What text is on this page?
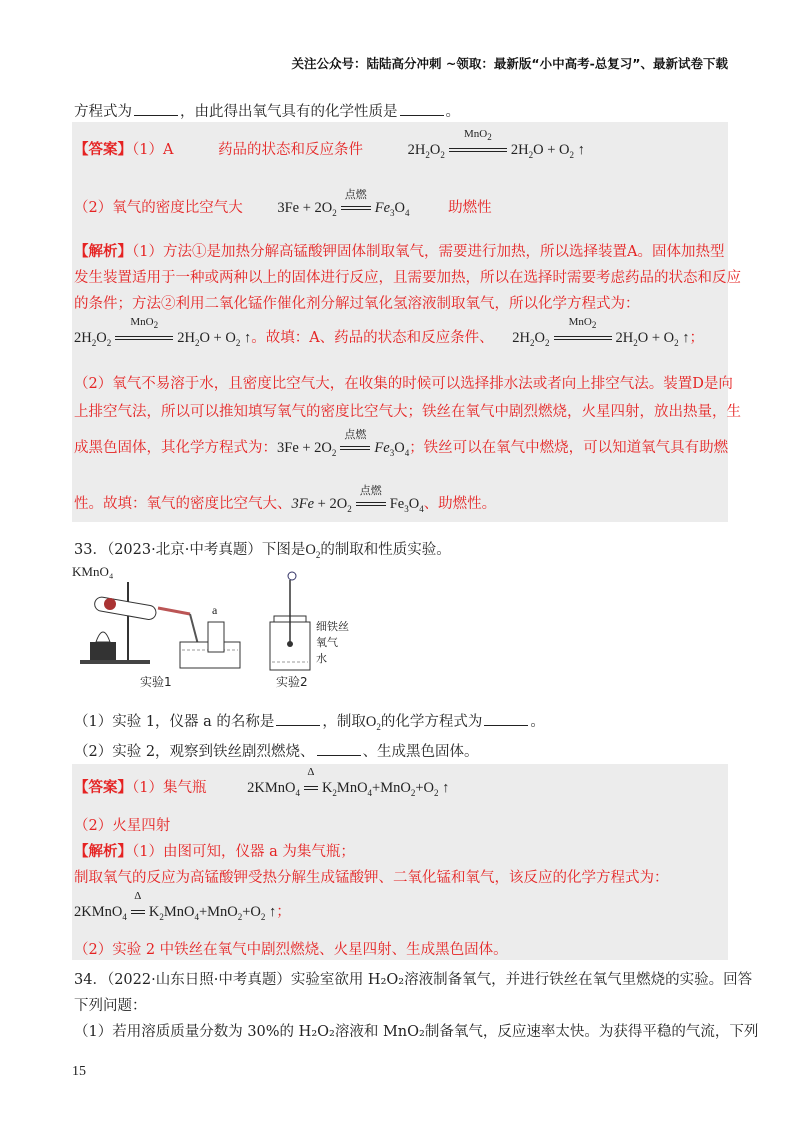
关注公众号：陆陆高分冲刺 ~领取：最新版“小中高考-总复习”、最新试卷下载
方程式为	，由此得出氧气具有的化学性质是	。
【答案】（1）A	药品的状态和反应条件	$2H_2O_2$
MnO$_2$
$2H_2O + O_2$ ↑
（2）氧气的密度比空气大 $3Fe + 2O_2$
点燃
$Fe_3O_4$	助燃性
【解析】（1）方法①是加热分解高锰酸钾固体制取氧气，需要进行加热，所以选择装置A。固体加热型
发生装置适用于一种或两种以上的固体进行反应，且需要加热，所以在选择时需要考虑药品的状态和反应
的条件；方法②利用二氧化锰作催化剂分解过氧化氢溶液制取氧气，所以化学方程式为：
$2H_2O_2$
MnO$_2$
$2H_2O + O_2$ ↑。故填：A、药品的状态和反应条件、 $2H_2O_2$
MnO$_2$
$2H_2O + O_2$ ↑；
（2）氧气不易溶于水，且密度比空气大，在收集的时候可以选择排水法或者向上排空气法。装置D是向
上排空气法，所以可以推知填写氧气的密度比空气大；铁丝在氧气中剧烈燃烧，火星四射，放出热量，生
成黑色固体，其化学方程式为：$3Fe + 2O_2$
点燃
$Fe_3O_4$；铁丝可以在氧气中燃烧，可以知道氧气具有助燃
性。故填：氧气的密度比空气大、$3Fe + 2O_2$
点燃
$Fe_3O_4$、助燃性。
33．（2023·北京·中考真题）下图是$O_2$的制取和性质实验。
KMnO₄
a
实验1
细铁丝
氧气
水
实验2
（1）实验 1，仪器 a 的名称是	，制取$O_2$的化学方程式为	。
（2）实验 2，观察到铁丝剧烈燃烧、	、生成黑色固体。
【答案】（1）集气瓶	2KMnO$_4$
Δ
$K_2MnO_4+MnO_2+O_2$ ↑
（2）火星四射
【解析】（1）由图可知，仪器 a 为集气瓶；
制取氧气的反应为高锰酸钾受热分解生成锰酸钾、二氧化锰和氧气，该反应的化学方程式为：
2KMnO$_4$
Δ
$K_2MnO_4+MnO_2+O_2$ ↑；
（2）实验 2 中铁丝在氧气中剧烈燃烧、火星四射、生成黑色固体。
34．（2022·山东日照·中考真题）实验室欲用 H₂O₂溶液制备氧气，并进行铁丝在氧气里燃烧的实验。回答
下列问题：
（1）若用溶质质量分数为 30%的 H₂O₂溶液和 MnO₂制备氧气，反应速率太快。为获得平稳的气流，下列
15
